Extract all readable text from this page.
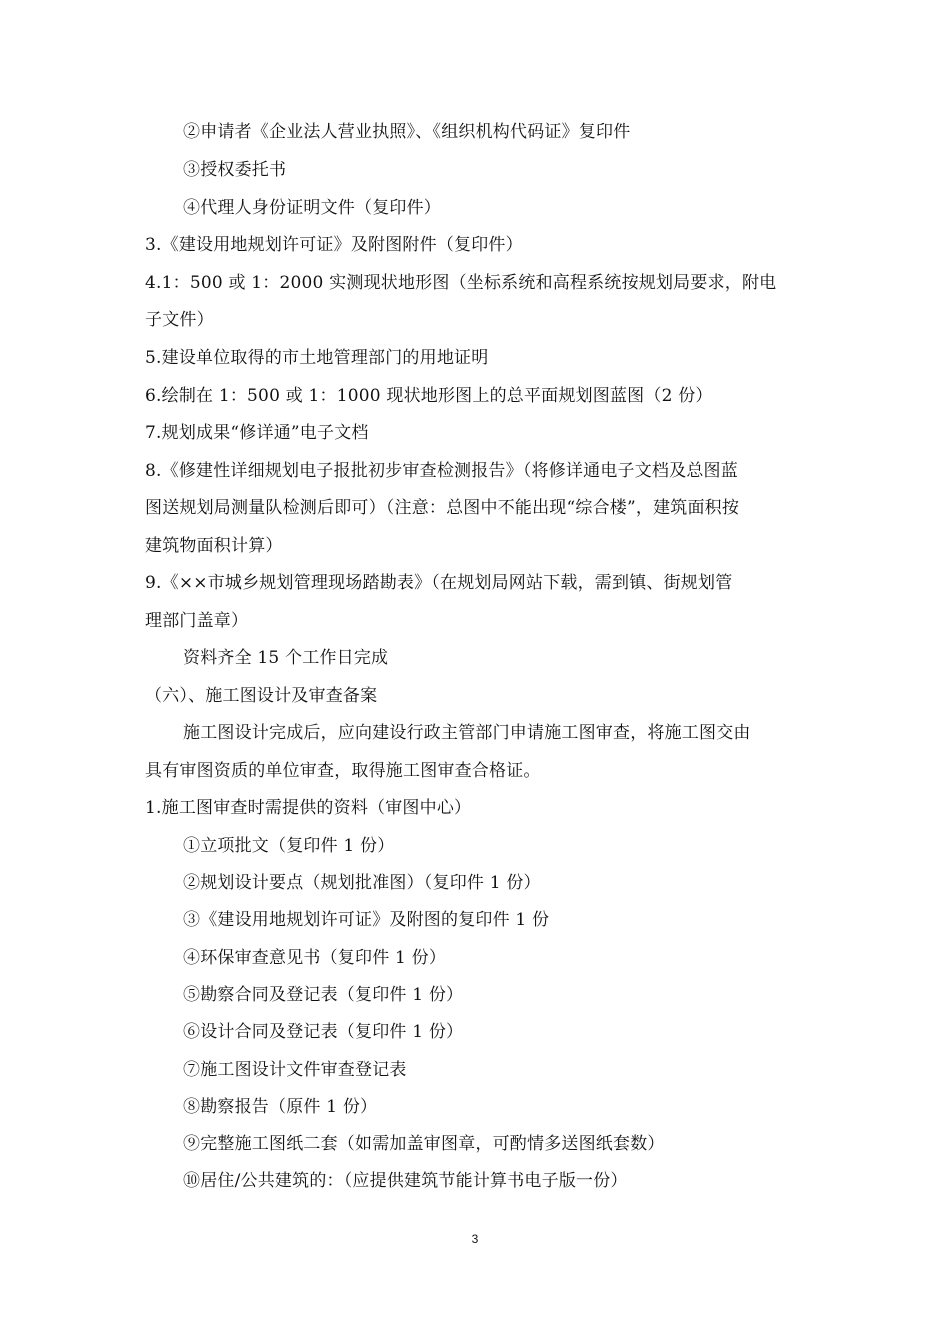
②申请者《企业法人营业执照》、《组织机构代码证》复印件
③授权委托书
④代理人身份证明文件（复印件）
3.《建设用地规划许可证》及附图附件（复印件）
4.1：500 或 1：2000 实测现状地形图（坐标系统和高程系统按规划局要求，附电
子文件）
5.建设单位取得的市土地管理部门的用地证明
6.绘制在 1：500 或 1：1000 现状地形图上的总平面规划图蓝图（2 份）
7.规划成果“修详通”电子文档
8.《修建性详细规划电子报批初步审查检测报告》（将修详通电子文档及总图蓝
图送规划局测量队检测后即可）（注意：总图中不能出现“综合楼”，建筑面积按
建筑物面积计算）
9.《××市城乡规划管理现场踏勘表》（在规划局网站下载，需到镇、街规划管
理部门盖章）
资料齐全 15 个工作日完成
（六）、施工图设计及审查备案
施工图设计完成后，应向建设行政主管部门申请施工图审查，将施工图交由
具有审图资质的单位审查，取得施工图审查合格证。
1.施工图审查时需提供的资料（审图中心）
①立项批文（复印件 1 份）
②规划设计要点（规划批准图）（复印件 1 份）
③《建设用地规划许可证》及附图的复印件 1 份
④环保审查意见书（复印件 1 份）
⑤勘察合同及登记表（复印件 1 份）
⑥设计合同及登记表（复印件 1 份）
⑦施工图设计文件审查登记表
⑧勘察报告（原件 1 份）
⑨完整施工图纸二套（如需加盖审图章，可酌情多送图纸套数）
⑩居住/公共建筑的：（应提供建筑节能计算书电子版一份）
3
